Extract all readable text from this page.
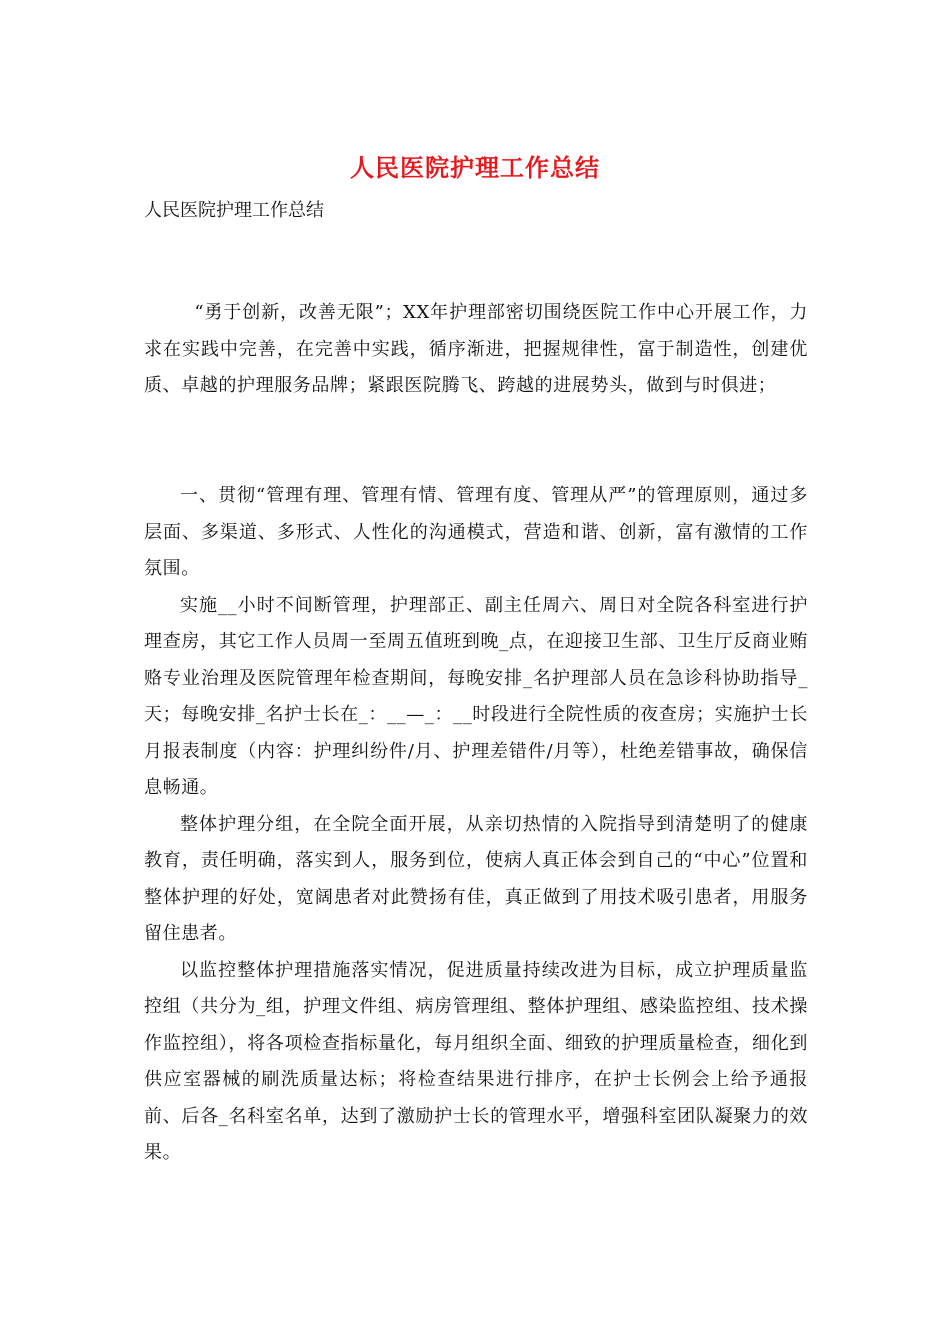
人民医院护理工作总结
人民医院护理工作总结

“勇于创新，改善无限”；XX年护理部密切围绕医院工作中心开展工作，力求在实践中完善，在完善中实践，循序渐进，把握规律性，富于制造性，创建优质、卓越的护理服务品牌；紧跟医院腾飞、跨越的进展势头，做到与时俱进；

一、贯彻“管理有理、管理有情、管理有度、管理从严”的管理原则，通过多层面、多渠道、多形式、人性化的沟通模式，营造和谐、创新，富有激情的工作氛围。

实施__小时不间断管理，护理部正、副主任周六、周日对全院各科室进行护理查房，其它工作人员周一至周五值班到晚_点，在迎接卫生部、卫生厅反商业贿赂专业治理及医院管理年检查期间，每晚安排_名护理部人员在急诊科协助指导_天；每晚安排_名护士长在_：__—_：__时段进行全院性质的夜查房；实施护士长月报表制度（内容：护理纠纷件/月、护理差错件/月等），杜绝差错事故，确保信息畅通。

整体护理分组，在全院全面开展，从亲切热情的入院指导到清楚明了的健康教育，责任明确，落实到人，服务到位，使病人真正体会到自己的“中心”位置和整体护理的好处，宽阔患者对此赞扬有佳，真正做到了用技术吸引患者，用服务留住患者。

以监控整体护理措施落实情况，促进质量持续改进为目标，成立护理质量监控组（共分为_组，护理文件组、病房管理组、整体护理组、感染监控组、技术操作监控组），将各项检查指标量化，每月组织全面、细致的护理质量检查，细化到供应室器械的刷洗质量达标；将检查结果进行排序，在护士长例会上给予通报前、后各_名科室名单，达到了激励护士长的管理水平，增强科室团队凝聚力的效果。
